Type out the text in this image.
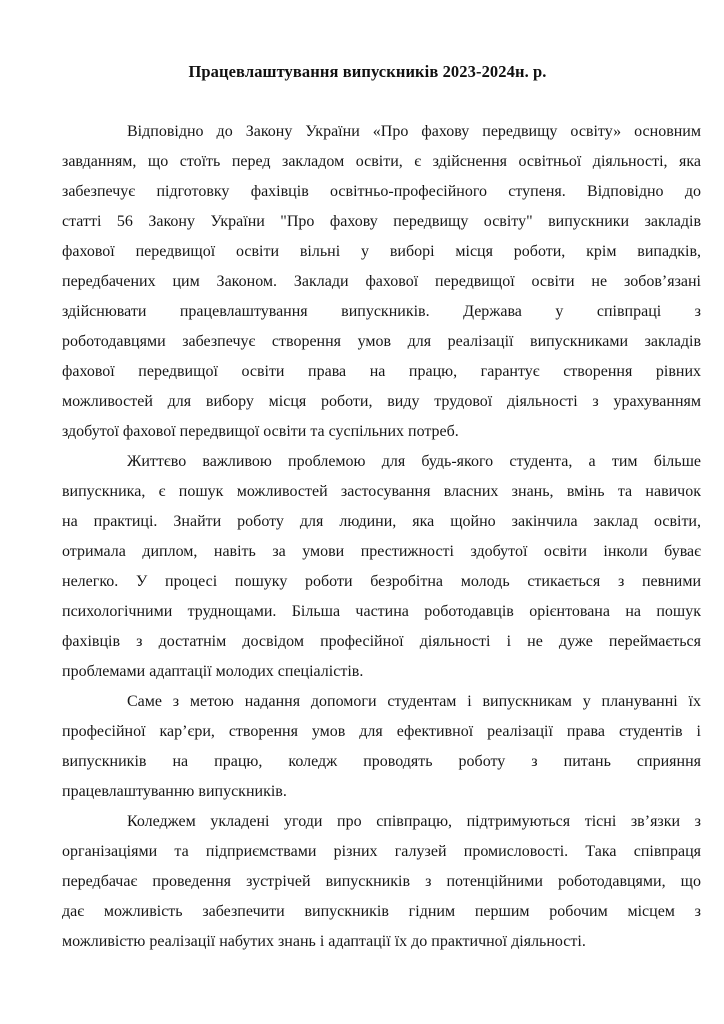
Працевлаштування випускників 2023-2024н. р.
Відповідно до Закону України «Про фахову передвищу освіту» основним
завданням, що стоїть перед закладом освіти, є здійснення освітньої діяльності, яка
забезпечує підготовку фахівців освітньо-професійного ступеня. Відповідно до
статті 56 Закону України "Про фахову передвищу освіту" випускники закладів
фахової передвищої освіти вільні у виборі місця роботи, крім випадків,
передбачених цим Законом. Заклади фахової передвищої освіти не зобов’язані
здійснювати працевлаштування випускників. Держава у співпраці з
роботодавцями забезпечує створення умов для реалізації випускниками закладів
фахової передвищої освіти права на працю, гарантує створення рівних
можливостей для вибору місця роботи, виду трудової діяльності з урахуванням
здобутої фахової передвищої освіти та суспільних потреб.
Життєво важливою проблемою для будь-якого студента, а тим більше
випускника, є пошук можливостей застосування власних знань, вмінь та навичок
на практиці. Знайти роботу для людини, яка щойно закінчила заклад освіти,
отримала диплом, навіть за умови престижності здобутої освіти інколи буває
нелегко. У процесі пошуку роботи безробітна молодь стикається з певними
психологічними труднощами. Більша частина роботодавців орієнтована на пошук
фахівців з достатнім досвідом професійної діяльності і не дуже переймається
проблемами адаптації молодих спеціалістів.
Саме з метою надання допомоги студентам і випускникам у плануванні їх
професійної кар’єри, створення умов для ефективної реалізації права студентів і
випускників на працю, коледж проводять роботу з питань сприяння
працевлаштуванню випускників.
Коледжем укладені угоди про співпрацю, підтримуються тісні зв’язки з
організаціями та підприємствами різних галузей промисловості. Така співпраця
передбачає проведення зустрічей випускників з потенційними роботодавцями, що
дає можливість забезпечити випускників гідним першим робочим місцем з
можливістю реалізації набутих знань і адаптації їх до практичної діяльності.
